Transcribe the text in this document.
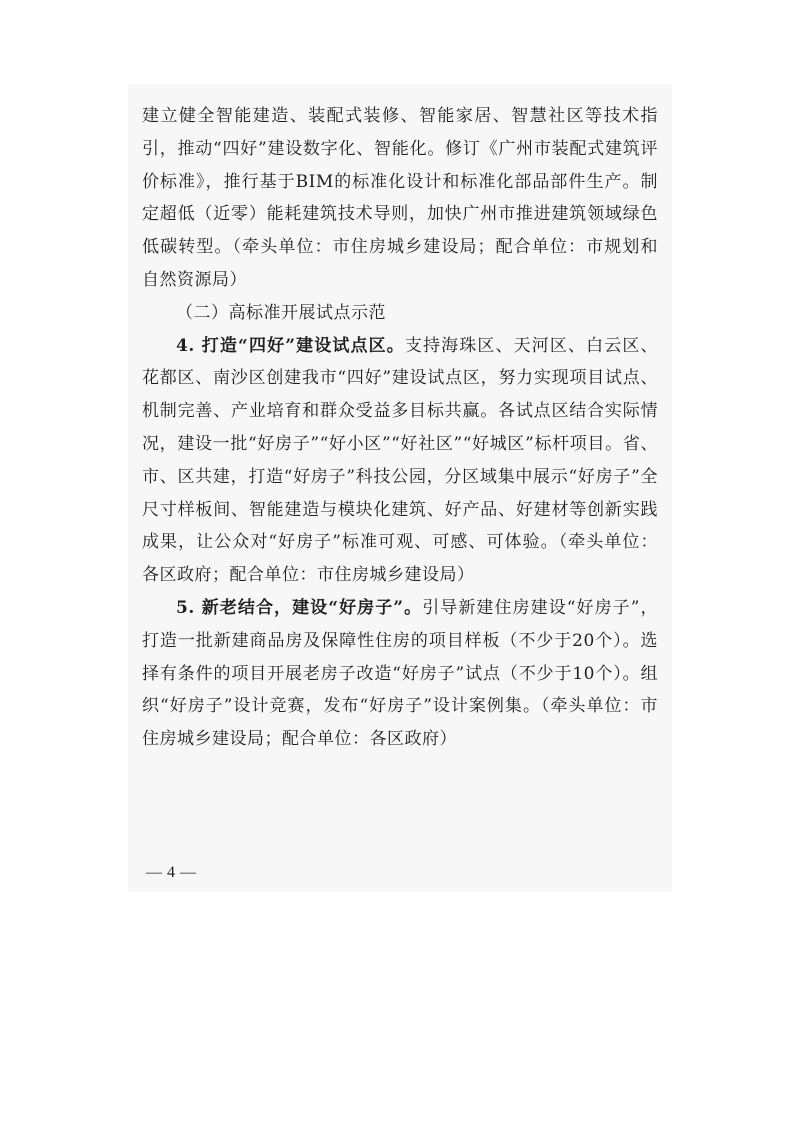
建立健全智能建造、装配式装修、智能家居、智慧社区等技术指引，推动“四好”建设数字化、智能化。修订《广州市装配式建筑评价标准》，推行基于BIM的标准化设计和标准化部品部件生产。制定超低（近零）能耗建筑技术导则，加快广州市推进建筑领域绿色低碳转型。（牵头单位：市住房城乡建设局；配合单位：市规划和自然资源局）

（二）高标准开展试点示范

4. 打造“四好”建设试点区。支持海珠区、天河区、白云区、花都区、南沙区创建我市“四好”建设试点区，努力实现项目试点、机制完善、产业培育和群众受益多目标共赢。各试点区结合实际情况，建设一批“好房子”“好小区”“好社区”“好城区”标杆项目。省、市、区共建，打造“好房子”科技公园，分区域集中展示“好房子”全尺寸样板间、智能建造与模块化建筑、好产品、好建材等创新实践成果，让公众对“好房子”标准可观、可感、可体验。（牵头单位：各区政府；配合单位：市住房城乡建设局）

5. 新老结合，建设“好房子”。引导新建住房建设“好房子”，打造一批新建商品房及保障性住房的项目样板（不少于20个）。选择有条件的项目开展老房子改造“好房子”试点（不少于10个）。组织“好房子”设计竞赛，发布“好房子”设计案例集。（牵头单位：市住房城乡建设局；配合单位：各区政府）

— 4 —
